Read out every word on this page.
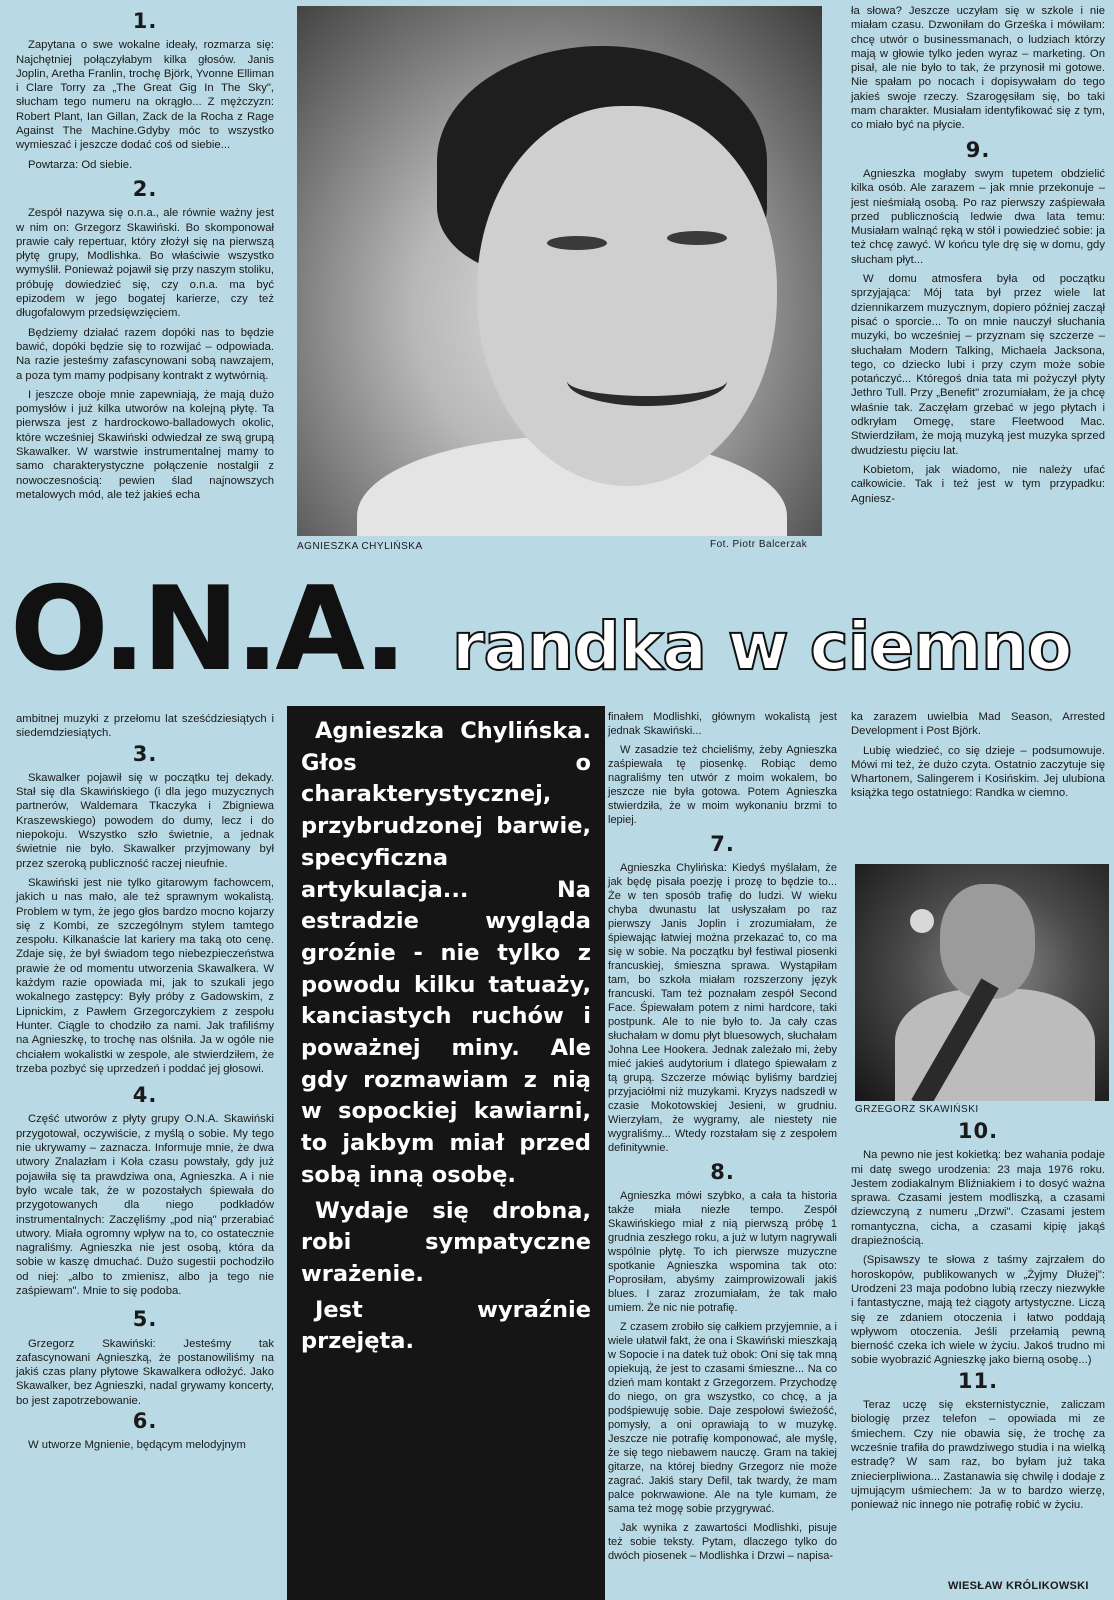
1.

Zapytana o swe wokalne ideały, rozmarza się: Najchętniej połączyłabym kilka głosów. Janis Joplin, Aretha Franlin, trochę Björk, Yvonne Elliman i Clare Torry za „The Great Gig In The Sky", słucham tego numeru na okrągło... Z mężczyzn: Robert Plant, Ian Gillan, Zack de la Rocha z Rage Against The Machine.Gdyby móc to wszystko wymieszać i jeszcze dodać coś od siebie...

Powtarza: Od siebie.

2.

Zespół nazywa się o.n.a., ale równie ważny jest w nim on: Grzegorz Skawiński. Bo skomponował prawie cały repertuar, który złożył się na pierwszą płytę grupy, Modlishka. Bo właściwie wszystko wymyślił. Ponieważ pojawił się przy naszym stoliku, próbuję dowiedzieć się, czy o.n.a. ma być epizodem w jego bogatej karierze, czy też długofalowym przedsięwzięciem.

Będziemy działać razem dopóki nas to będzie bawić, dopóki będzie się to rozwijać – odpowiada. Na razie jesteśmy zafascynowani sobą nawzajem, a poza tym mamy podpisany kontrakt z wytwórnią.

I jeszcze oboje mnie zapewniają, że mają dużo pomysłów i już kilka utworów na kolejną płytę. Ta pierwsza jest z hardrockowo-balladowych okolic, które wcześniej Skawiński odwiedzał ze swą grupą Skawalker. W warstwie instrumentalnej mamy to samo charakterystyczne połączenie nostalgii z nowoczesnością: pewien ślad najnowszych metalowych mód, ale też jakieś echa

AGNIESZKA CHYLIŃSKA	Fot. Piotr Balcerzak

ła słowa? Jeszcze uczyłam się w szkole i nie miałam czasu. Dzwoniłam do Grześka i mówiłam: chcę utwór o businessmanach, o ludziach którzy mają w głowie tylko jeden wyraz – marketing. On pisał, ale nie było to tak, że przynosił mi gotowe. Nie spałam po nocach i dopisywałam do tego jakieś swoje rzeczy. Szarogęsiłam się, bo taki mam charakter. Musiałam identyfikować się z tym, co miało być na płycie.

9.

Agnieszka mogłaby swym tupetem obdzielić kilka osób. Ale zarazem – jak mnie przekonuje – jest nieśmiałą osobą. Po raz pierwszy zaśpiewała przed publicznością ledwie dwa lata temu: Musiałam walnąć ręką w stół i powiedzieć sobie: ja też chcę zawyć. W końcu tyle drę się w domu, gdy słucham płyt...

W domu atmosfera była od początku sprzyjająca: Mój tata był przez wiele lat dziennikarzem muzycznym, dopiero później zaczął pisać o sporcie... To on mnie nauczył słuchania muzyki, bo wcześniej – przyznam się szczerze – słuchałam Modern Talking, Michaela Jacksona, tego, co dziecko lubi i przy czym może sobie potańczyć... Któregoś dnia tata mi pożyczył płyty Jethro Tull. Przy „Benefit" zrozumiałam, że ja chcę właśnie tak. Zaczęłam grzebać w jego płytach i odkryłam Omegę, stare Fleetwood Mac. Stwierdziłam, że moją muzyką jest muzyka sprzed dwudziestu pięciu lat.

Kobietom, jak wiadomo, nie należy ufać całkowicie. Tak i też jest w tym przypadku: Agniesz-

O.N.A. randka w ciemno

ambitnej muzyki z przełomu lat sześćdziesiątych i siedemdziesiątych.

3.

Skawalker pojawił się w początku tej dekady. Stał się dla Skawińskiego (i dla jego muzycznych partnerów, Waldemara Tkaczyka i Zbigniewa Kraszewskiego) powodem do dumy, lecz i do niepokoju. Wszystko szło świetnie, a jednak świetnie nie było. Skawalker przyjmowany był przez szeroką publiczność raczej nieufnie.

Skawiński jest nie tylko gitarowym fachowcem, jakich u nas mało, ale też sprawnym wokalistą. Problem w tym, że jego głos bardzo mocno kojarzy się z Kombi, ze szczególnym stylem tamtego zespołu. Kilkanaście lat kariery ma taką oto cenę. Zdaje się, że był świadom tego niebezpieczeństwa prawie że od momentu utworzenia Skawalkera. W każdym razie opowiada mi, jak to szukali jego wokalnego zastępcy: Były próby z Gadowskim, z Lipnickim, z Pawłem Grzegorczykiem z zespołu Hunter. Ciągle to chodziło za nami. Jak trafiliśmy na Agnieszkę, to trochę nas olśniła. Ja w ogóle nie chciałem wokalistki w zespole, ale stwierdziłem, że trzeba pozbyć się uprzedzeń i poddać jej głosowi.

4.

Część utworów z płyty grupy O.N.A. Skawiński przygotował, oczywiście, z myślą o sobie. My tego nie ukrywamy – zaznacza. Informuje mnie, że dwa utwory Znalazłam i Koła czasu powstały, gdy już pojawiła się ta prawdziwa ona, Agnieszka. A i nie było wcale tak, że w pozostałych śpiewała do przygotowanych dla niego podkładów instrumentalnych: Zaczęliśmy „pod nią" przerabiać utwory. Miała ogromny wpływ na to, co ostatecznie nagraliśmy. Agnieszka nie jest osobą, która da sobie w kaszę dmuchać. Dużo sugestii pochodziło od niej: „albo to zmienisz, albo ja tego nie zaśpiewam". Mnie to się podoba.

5.

Grzegorz Skawiński: Jesteśmy tak zafascynowani Agnieszką, że postanowiliśmy na jakiś czas plany płytowe Skawalkera odłożyć. Jako Skawalker, bez Agnieszki, nadal grywamy koncerty, bo jest zapotrzebowanie.

6.

W utworze Mgnienie, będącym melodyjnym

Agnieszka Chylińska. Głos o charakterystycznej, przybrudzonej barwie, specyficzna artykulacja... Na estradzie wygląda groźnie - nie tylko z powodu kilku tatuaży, kanciastych ruchów i poważnej miny. Ale gdy rozmawiam z nią w sopockiej kawiarni, to jakbym miał przed sobą inną osobę.

Wydaje się drobna, robi sympatyczne wrażenie.

Jest wyraźnie przejęta.

finałem Modlishki, głównym wokalistą jest jednak Skawiński...

W zasadzie też chcieliśmy, żeby Agnieszka zaśpiewała tę piosenkę. Robiąc demo nagraliśmy ten utwór z moim wokalem, bo jeszcze nie była gotowa. Potem Agnieszka stwierdziła, że w moim wykonaniu brzmi to lepiej.

7.

Agnieszka Chylińska: Kiedyś myślałam, że jak będę pisała poezję i prozę to będzie to... Że w ten sposób trafię do ludzi. W wieku chyba dwunastu lat usłyszałam po raz pierwszy Janis Joplin i zrozumiałam, że śpiewając łatwiej można przekazać to, co ma się w sobie. Na początku był festiwal piosenki francuskiej, śmieszna sprawa. Wystąpiłam tam, bo szkoła miałam rozszerzony język francuski. Tam też poznałam zespół Second Face. Śpiewałam potem z nimi hardcore, taki postpunk. Ale to nie było to. Ja cały czas słuchałam w domu płyt bluesowych, słuchałam Johna Lee Hookera. Jednak zależało mi, żeby mieć jakieś audytorium i dlatego śpiewałam z tą grupą. Szczerze mówiąc byliśmy bardziej przyjaciółmi niż muzykami. Kryzys nadszedł w czasie Mokotowskiej Jesieni, w grudniu. Wierzyłam, że wygramy, ale niestety nie wygraliśmy... Wtedy rozstałam się z zespołem definitywnie.

8.

Agnieszka mówi szybko, a cała ta historia także miała niezłe tempo. Zespół Skawińskiego miał z nią pierwszą próbę 1 grudnia zeszłego roku, a już w lutym nagrywali wspólnie płytę. To ich pierwsze muzyczne spotkanie Agnieszka wspomina tak oto: Poprosiłam, abyśmy zaimprowizowali jakiś blues. I zaraz zrozumiałam, że tak mało umiem. Że nic nie potrafię.

Z czasem zrobiło się całkiem przyjemnie, a i wiele ułatwił fakt, że ona i Skawiński mieszkają w Sopocie i na datek tuż obok: Oni się tak mną opiekują, że jest to czasami śmieszne... Na co dzień mam kontakt z Grzegorzem. Przychodzę do niego, on gra wszystko, co chcę, a ja podśpiewuję sobie. Daje zespołowi świeżość, pomysły, a oni oprawiają to w muzykę. Jeszcze nie potrafię komponować, ale myślę, że się tego niebawem nauczę. Gram na takiej gitarze, na której biedny Grzegorz nie może zagrać. Jakiś stary Defil, tak twardy, że mam palce pokrwawione. Ale na tyle kumam, że sama też mogę sobie przygrywać.

Jak wynika z zawartości Modlishki, pisuje też sobie teksty. Pytam, dlaczego tylko do dwóch piosenek – Modlishka i Drzwi – napisa-

ka zarazem uwielbia Mad Season, Arrested Development i Post Björk.

Lubię wiedzieć, co się dzieje – podsumowuje. Mówi mi też, że dużo czyta. Ostatnio zaczytuje się Whartonem, Salingerem i Kosińskim. Jej ulubiona książka tego ostatniego: Randka w ciemno.

GRZEGORZ SKAWIŃSKI
10.

Na pewno nie jest kokietką: bez wahania podaje mi datę swego urodzenia: 23 maja 1976 roku. Jestem zodiakalnym Bliźniakiem i to dosyć ważna sprawa. Czasami jestem modliszką, a czasami dziewczyną z numeru „Drzwi". Czasami jestem romantyczna, cicha, a czasami kipię jakąś drapieżnością.

(Spisawszy te słowa z taśmy zajrzałem do horoskopów, publikowanych w „Żyjmy Dłużej": Urodzeni 23 maja podobno lubią rzeczy niezwykłe i fantastyczne, mają też ciągoty artystyczne. Liczą się ze zdaniem otoczenia i łatwo poddają wpływom otoczenia. Jeśli przełamią pewną bierność czeka ich wiele w życiu. Jakoś trudno mi sobie wyobrazić Agnieszkę jako bierną osobę...)

11.

Teraz uczę się eksternistycznie, zaliczam biologię przez telefon – opowiada mi ze śmiechem. Czy nie obawia się, że trochę za wcześnie trafiła do prawdziwego studia i na wielką estradę? W sam raz, bo byłam już taka zniecierpliwiona... Zastanawia się chwilę i dodaje z ujmującym uśmiechem: Ja w to bardzo wierzę, ponieważ nic innego nie potrafię robić w życiu.

WIESŁAW KRÓLIKOWSKI
